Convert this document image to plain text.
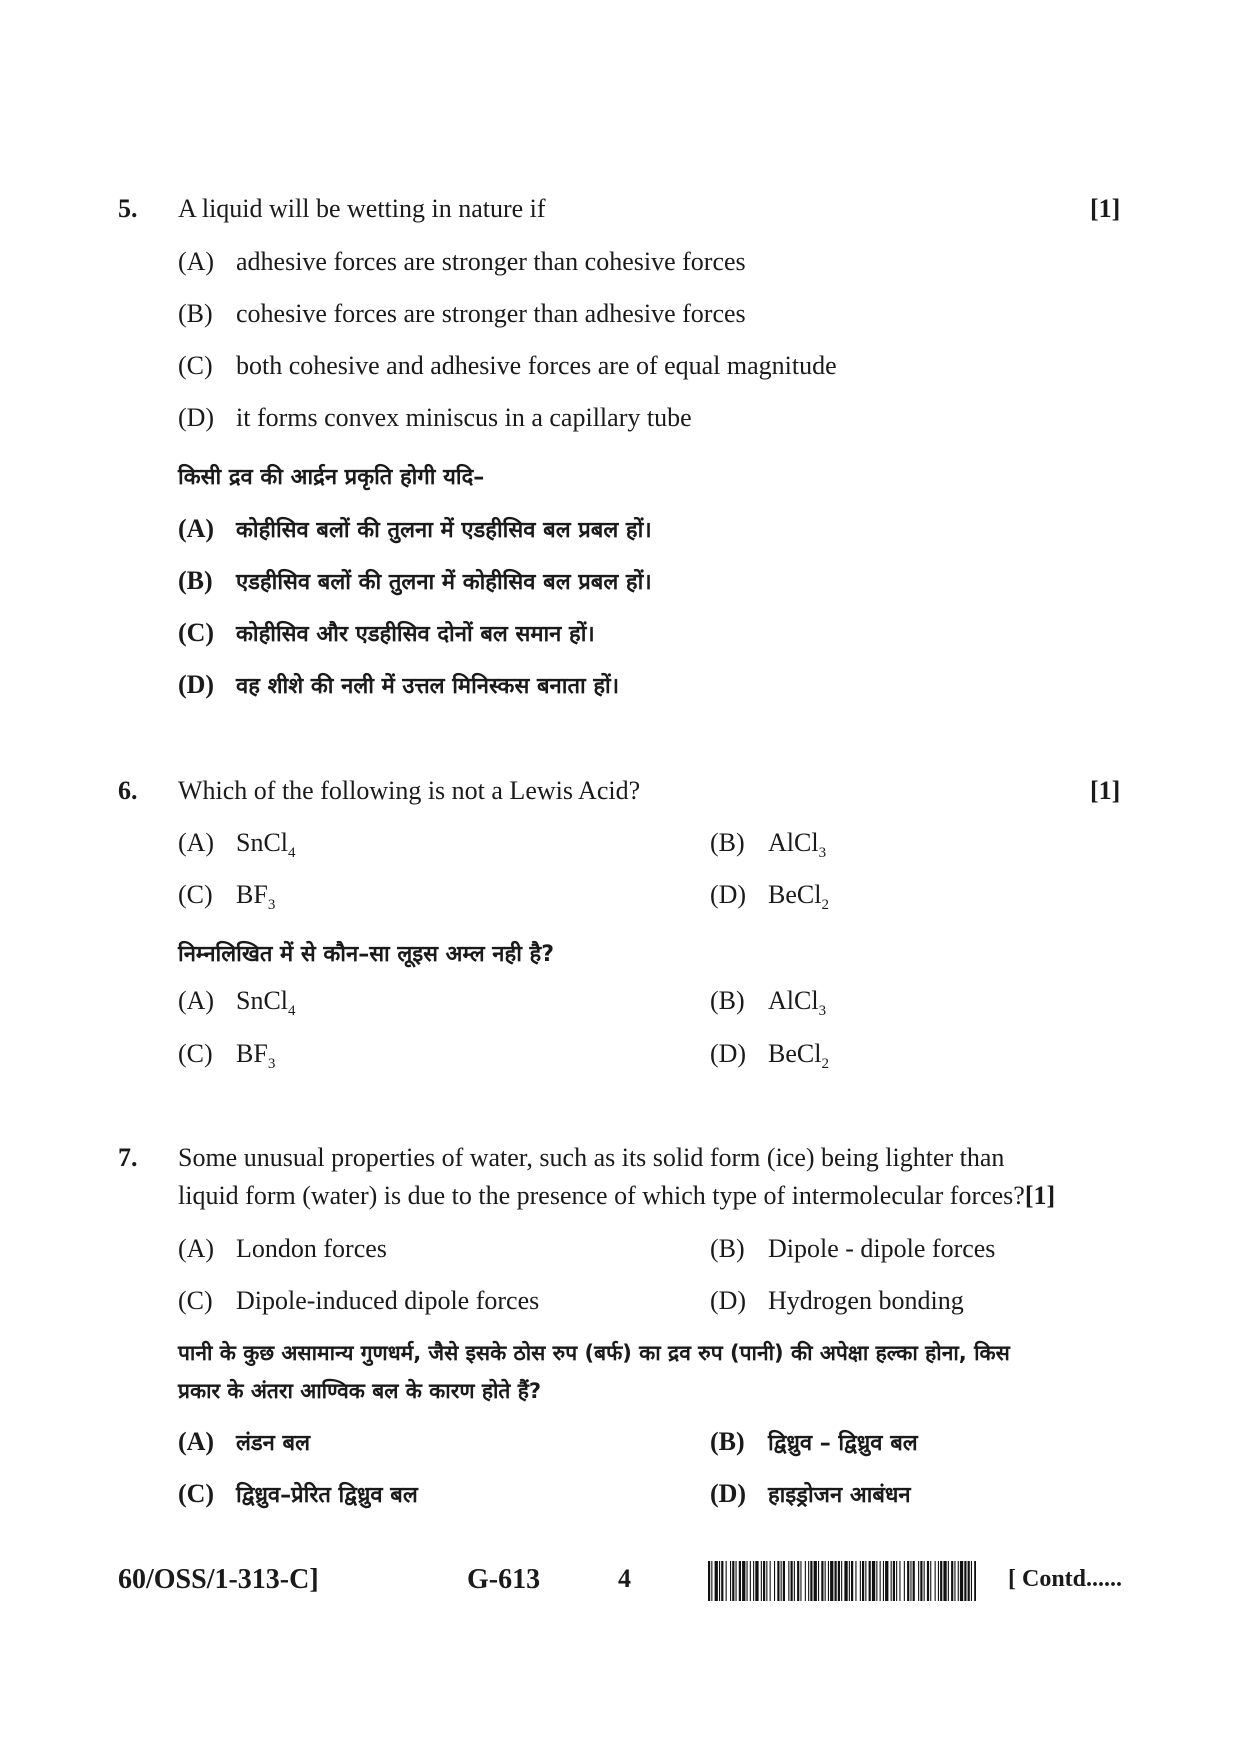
5. A liquid will be wetting in nature if	[1]
(A) adhesive forces are stronger than cohesive forces
(B) cohesive forces are stronger than adhesive forces
(C) both cohesive and adhesive forces are of equal magnitude
(D) it forms convex miniscus in a capillary tube
किसी द्रव की आर्द्रन प्रकृति होगी यदि–
(A) कोहीसिव बलों की तुलना में एडहीसिव बल प्रबल हों।
(B) एडहीसिव बलों की तुलना में कोहीसिव बल प्रबल हों।
(C) कोहीसिव और एडहीसिव दोनों बल समान हों।
(D) वह शीशे की नली में उत्तल मिनिस्कस बनाता हों।
6. Which of the following is not a Lewis Acid?	[1]
(A) SnCl$_4$	(B) AlCl$_3$
(C) $BF_3$	(D) BeCl$_2$
निम्नलिखित में से कौन–सा लूइस अम्ल नही है?
(A) SnCl$_4$	(B) AlCl$_3$
(C) $BF_3$	(D) BeCl$_2$
7. Some unusual properties of water, such as its solid form (ice) being lighter than
liquid form (water) is due to the presence of which type of intermolecular forces?[1]
(A) London forces	(B) Dipole - dipole forces
(C) Dipole-induced dipole forces	(D) Hydrogen bonding
पानी के कुछ असामान्य गुणधर्म, जैसे इसके ठोस रुप (बर्फ) का द्रव रुप (पानी) की अपेक्षा हल्का होना, किस
प्रकार के अंतरा आण्विक बल के कारण होते हैं?
(A) लंडन बल	(B) द्विध्रुव – द्विध्रुव बल
(C) द्विध्रुव–प्रेरित द्विध्रुव बल	(D) हाइड्रोजन आबंधन
60/OSS/1-313-C]	G-613	4	[ Contd......
